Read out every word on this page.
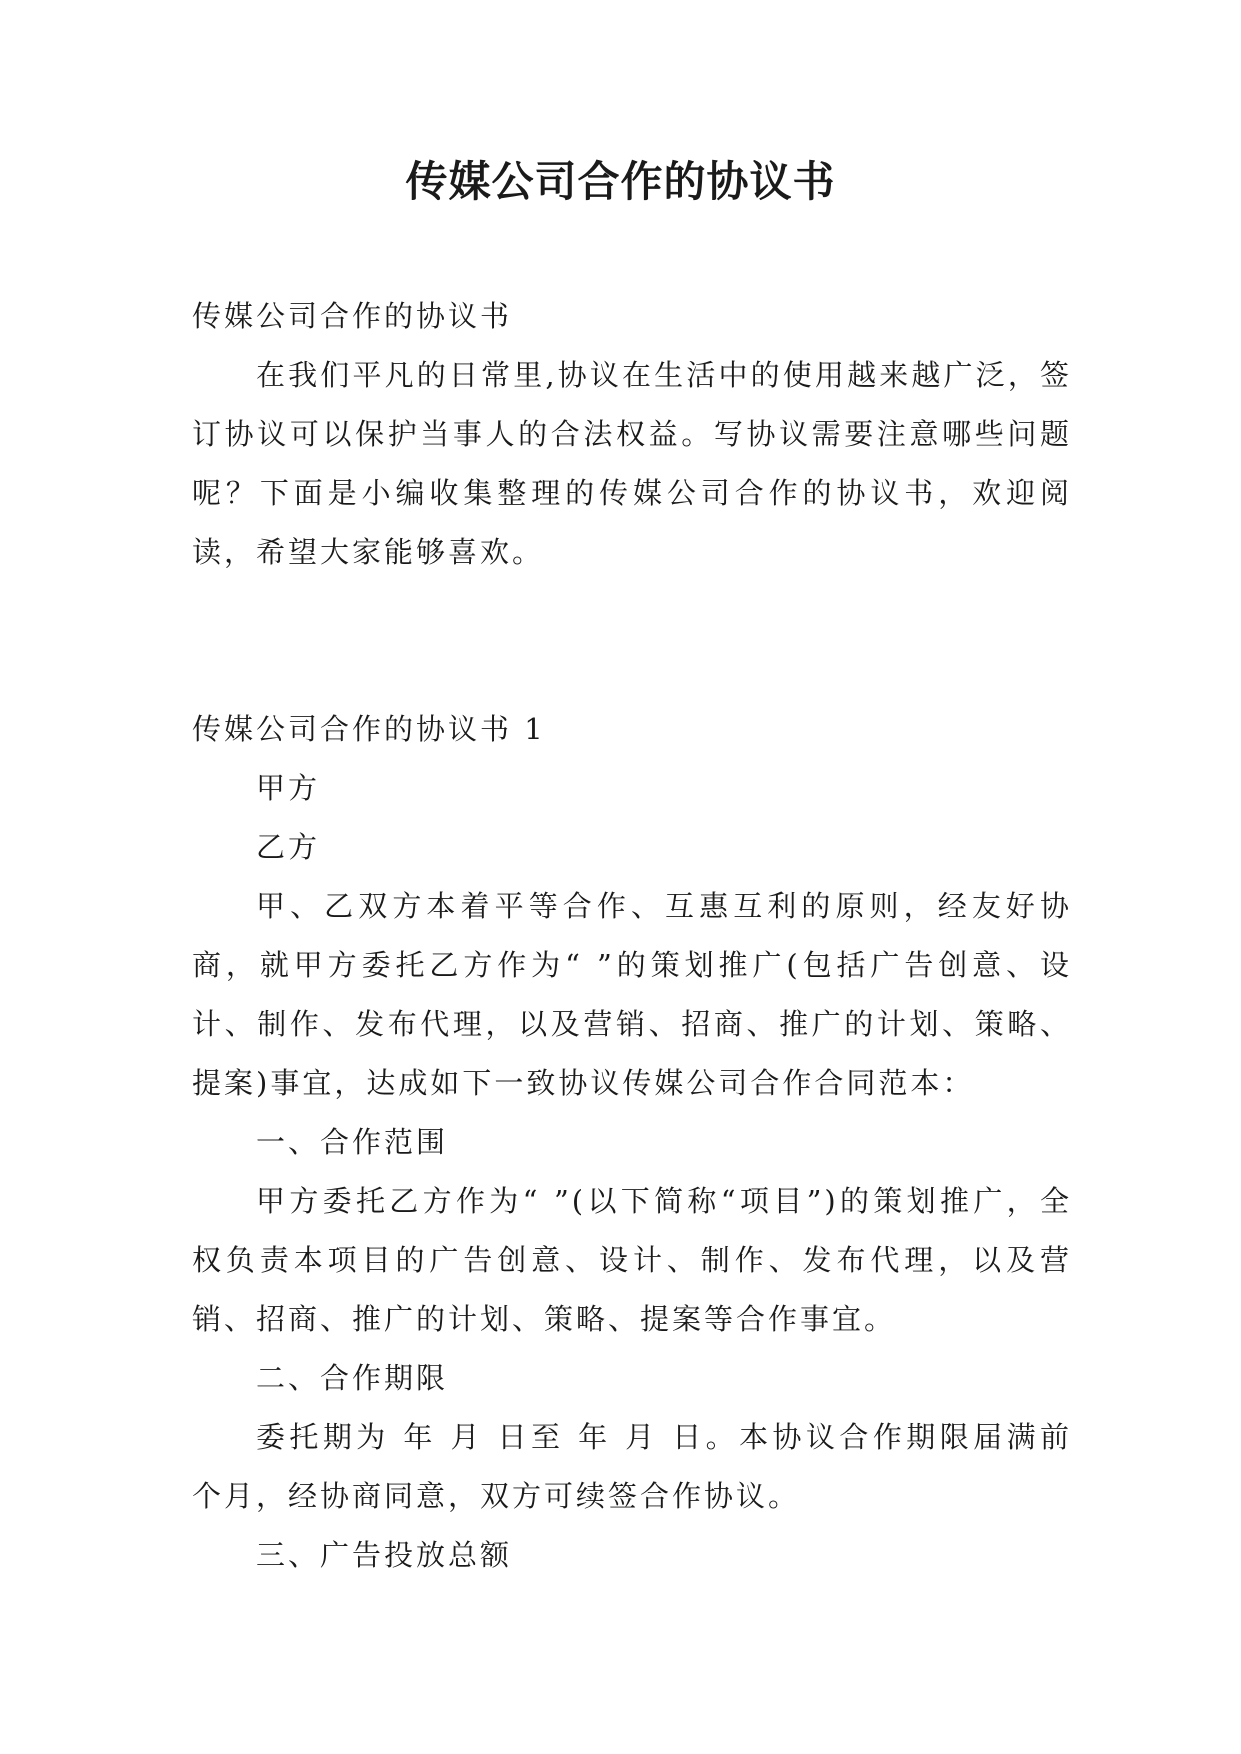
传媒公司合作的协议书

传媒公司合作的协议书

在我们平凡的日常里,协议在生活中的使用越来越广泛，签订协议可以保护当事人的合法权益。写协议需要注意哪些问题呢？下面是小编收集整理的传媒公司合作的协议书，欢迎阅读，希望大家能够喜欢。

传媒公司合作的协议书 1

甲方

乙方

甲、乙双方本着平等合作、互惠互利的原则，经友好协商，就甲方委托乙方作为“ ”的策划推广(包括广告创意、设计、制作、发布代理，以及营销、招商、推广的计划、策略、提案)事宜，达成如下一致协议传媒公司合作合同范本：

一、合作范围

甲方委托乙方作为“ ”(以下简称“项目”)的策划推广，全权负责本项目的广告创意、设计、制作、发布代理，以及营销、招商、推广的计划、策略、提案等合作事宜。

二、合作期限

委托期为 年 月 日至 年 月 日。本协议合作期限届满前 个月，经协商同意，双方可续签合作协议。

三、广告投放总额
